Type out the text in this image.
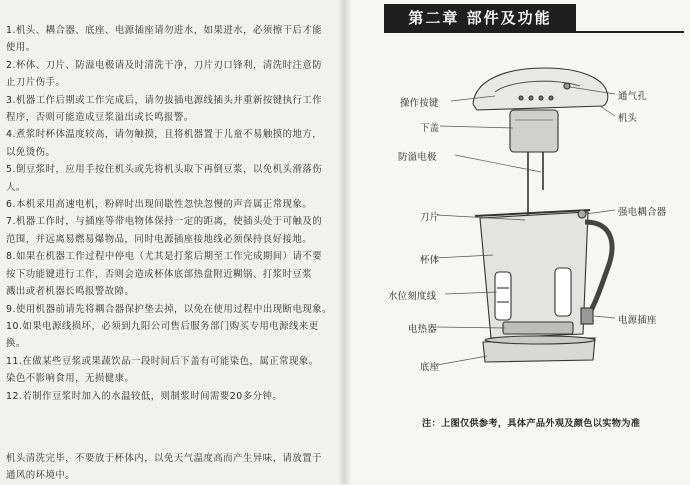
1.机头、耦合器、底座、电源插座请勿进水，如果进水，必须擦干后才能
使用。
2.杯体、刀片、防溢电极请及时清洗干净，刀片刃口锋利，清洗时注意防
止刀片伤手。
3.机器工作后期或工作完成后，请勿拔插电源线插头并重新按键执行工作
程序，否则可能造成豆浆溢出或长鸣报警。
4.煮浆时杯体温度较高，请勿触摸，且将机器置于儿童不易触摸的地方，
以免烫伤。
5.倒豆浆时，应用手按住机头或先将机头取下再倒豆浆，以免机头滑落伤
人。
6.本机采用高速电机，粉碎时出现间歇性忽快忽慢的声音属正常现象。
7.机器工作时，与插座等带电物体保持一定的距离，使插头处于可触及的
范围，并远离易燃易爆物品，同时电源插座接地线必须保持良好接地。
8.如果在机器工作过程中停电（尤其是打浆后期至工作完成期间）请不要
按下功能键进行工作，否则会造成杯体底部热盘附近糊锅、打浆时豆浆
溅出或者机器长鸣报警故障。
9.使用机器前请先将耦合器保护垫去掉，以免在使用过程中出现断电现象。
10.如果电源线损坏，必须到九阳公司售后服务部门购买专用电源线来更换。
11.在做某些豆浆或果蔬饮品一段时间后下盖有可能染色，属正常现象。
染色不影响食用，无损健康。
12.若制作豆浆时加入的水温较低，则制浆时间需要20多分钟。
机头清洗完毕，不要放于杯体内，以免天气温度高而产生异味，请放置于
通风的环境中。
第二章 部件及功能
操作按键
下盖
防溢电极
刀片
杯体
水位刻度线
电热器
底座
通气孔
机头
强电耦合器
电源插座
注：上图仅供参考，具体产品外观及颜色以实物为准
